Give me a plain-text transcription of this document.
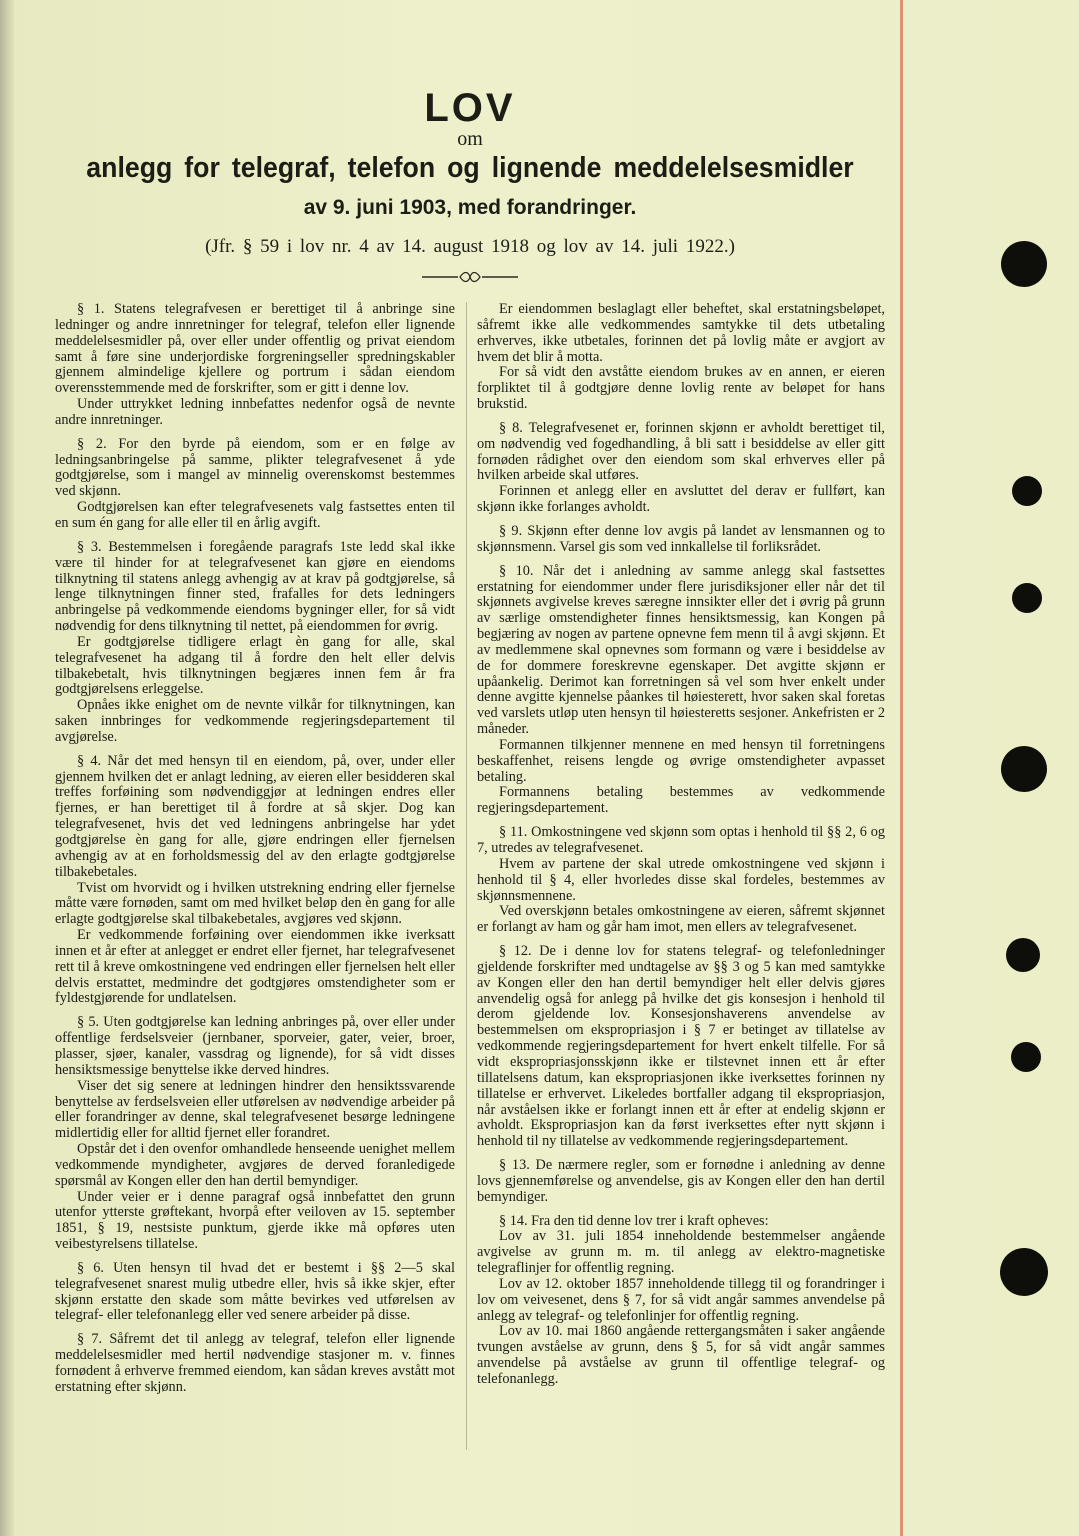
LOV
om
anlegg for telegraf, telefon og lignende meddelelsesmidler
av 9. juni 1903, med forandringer.
(Jfr. § 59 i lov nr. 4 av 14. august 1918 og lov av 14. juli 1922.)

§ 1. Statens telegrafvesen er berettiget til å anbringe sine ledninger og andre innretninger for telegraf, telefon eller lignende meddelelsesmidler på, over eller under offentlig og privat eiendom samt å føre sine underjordiske forgreningseller spredningskabler gjennem almindelige kjellere og portrum i sådan eiendom overensstemmende med de forskrifter, som er gitt i denne lov.

Under uttrykket ledning innbefattes nedenfor også de nevnte andre innretninger.

§ 2. For den byrde på eiendom, som er en følge av ledningsanbringelse på samme, plikter telegrafvesenet å yde godtgjørelse, som i mangel av minnelig overenskomst bestemmes ved skjønn.

Godtgjørelsen kan efter telegrafvesenets valg fastsettes enten til en sum én gang for alle eller til en årlig avgift.

§ 3. Bestemmelsen i foregående paragrafs 1ste ledd skal ikke være til hinder for at telegrafvesenet kan gjøre en eiendoms tilknytning til statens anlegg avhengig av at krav på godtgjørelse, så lenge tilknytningen finner sted, frafalles for dets ledningers anbringelse på vedkommende eiendoms bygninger eller, for så vidt nødvendig for dens tilknytning til nettet, på eiendommen for øvrig.

Er godtgjørelse tidligere erlagt èn gang for alle, skal telegrafvesenet ha adgang til å fordre den helt eller delvis tilbakebetalt, hvis tilknytningen begjæres innen fem år fra godtgjørelsens erleggelse.

Opnåes ikke enighet om de nevnte vilkår for tilknytningen, kan saken innbringes for vedkommende regjeringsdepartement til avgjørelse.

§ 4. Når det med hensyn til en eiendom, på, over, under eller gjennem hvilken det er anlagt ledning, av eieren eller besidderen skal treffes forføining som nødvendiggjør at ledningen endres eller fjernes, er han berettiget til å fordre at så skjer. Dog kan telegrafvesenet, hvis det ved ledningens anbringelse har ydet godtgjørelse èn gang for alle, gjøre endringen eller fjernelsen avhengig av at en forholdsmessig del av den erlagte godtgjørelse tilbakebetales.

Tvist om hvorvidt og i hvilken utstrekning endring eller fjernelse måtte være fornøden, samt om med hvilket beløp den èn gang for alle erlagte godtgjørelse skal tilbakebetales, avgjøres ved skjønn.

Er vedkommende forføining over eiendommen ikke iverksatt innen et år efter at anlegget er endret eller fjernet, har telegrafvesenet rett til å kreve omkostningene ved endringen eller fjernelsen helt eller delvis erstattet, medmindre det godtgjøres omstendigheter som er fyldestgjørende for undlatelsen.

§ 5. Uten godtgjørelse kan ledning anbringes på, over eller under offentlige ferdselsveier (jernbaner, sporveier, gater, veier, broer, plasser, sjøer, kanaler, vassdrag og lignende), for så vidt disses hensiktsmessige benyttelse ikke derved hindres.

Viser det sig senere at ledningen hindrer den hensiktssvarende benyttelse av ferdselsveien eller utførelsen av nødvendige arbeider på eller forandringer av denne, skal telegrafvesenet besørge ledningene midlertidig eller for alltid fjernet eller forandret.

Opstår det i den ovenfor omhandlede henseende uenighet mellem vedkommende myndigheter, avgjøres de derved foranledigede spørsmål av Kongen eller den han dertil bemyndiger.

Under veier er i denne paragraf også innbefattet den grunn utenfor ytterste grøftekant, hvorpå efter veiloven av 15. september 1851, § 19, nestsiste punktum, gjerde ikke må opføres uten veibestyrelsens tillatelse.

§ 6. Uten hensyn til hvad det er bestemt i §§ 2—5 skal telegrafvesenet snarest mulig utbedre eller, hvis så ikke skjer, efter skjønn erstatte den skade som måtte bevirkes ved utførelsen av telegraf- eller telefonanlegg eller ved senere arbeider på disse.

§ 7. Såfremt det til anlegg av telegraf, telefon eller lignende meddelelsesmidler med hertil nødvendige stasjoner m. v. finnes fornødent å erhverve fremmed eiendom, kan sådan kreves avstått mot erstatning efter skjønn.

Er eiendommen beslaglagt eller beheftet, skal erstatningsbeløpet, såfremt ikke alle vedkommendes samtykke til dets utbetaling erhverves, ikke utbetales, forinnen det på lovlig måte er avgjort av hvem det blir å motta.

For så vidt den avståtte eiendom brukes av en annen, er eieren forpliktet til å godtgjøre denne lovlig rente av beløpet for hans brukstid.

§ 8. Telegrafvesenet er, forinnen skjønn er avholdt berettiget til, om nødvendig ved fogedhandling, å bli satt i besiddelse av eller gitt fornøden rådighet over den eiendom som skal erhverves eller på hvilken arbeide skal utføres.

Forinnen et anlegg eller en avsluttet del derav er fullført, kan skjønn ikke forlanges avholdt.

§ 9. Skjønn efter denne lov avgis på landet av lensmannen og to skjønnsmenn. Varsel gis som ved innkallelse til forliksrådet.

§ 10. Når det i anledning av samme anlegg skal fastsettes erstatning for eiendommer under flere jurisdiksjoner eller når det til skjønnets avgivelse kreves særegne innsikter eller det i øvrig på grunn av særlige omstendigheter finnes hensiktsmessig, kan Kongen på begjæring av nogen av partene opnevne fem menn til å avgi skjønn. Et av medlemmene skal opnevnes som formann og være i besiddelse av de for dommere foreskrevne egenskaper. Det avgitte skjønn er upåankelig. Derimot kan forretningen så vel som hver enkelt under denne avgitte kjennelse påankes til høiesterett, hvor saken skal foretas ved varslets utløp uten hensyn til høiesteretts sesjoner. Ankefristen er 2 måneder.

Formannen tilkjenner mennene en med hensyn til forretningens beskaffenhet, reisens lengde og øvrige omstendigheter avpasset betaling.

Formannens betaling bestemmes av vedkommende regjeringsdepartement.

§ 11. Omkostningene ved skjønn som optas i henhold til §§ 2, 6 og 7, utredes av telegrafvesenet.

Hvem av partene der skal utrede omkostningene ved skjønn i henhold til § 4, eller hvorledes disse skal fordeles, bestemmes av skjønnsmennene.

Ved overskjønn betales omkostningene av eieren, såfremt skjønnet er forlangt av ham og går ham imot, men ellers av telegrafvesenet.

§ 12. De i denne lov for statens telegraf- og telefonledninger gjeldende forskrifter med undtagelse av §§ 3 og 5 kan med samtykke av Kongen eller den han dertil bemyndiger helt eller delvis gjøres anvendelig også for anlegg på hvilke det gis konsesjon i henhold til derom gjeldende lov. Konsesjonshaverens anvendelse av bestemmelsen om ekspropriasjon i § 7 er betinget av tillatelse av vedkommende regjeringsdepartement for hvert enkelt tilfelle. For så vidt ekspropriasjonsskjønn ikke er tilstevnet innen ett år efter tillatelsens datum, kan ekspropriasjonen ikke iverksettes forinnen ny tillatelse er erhvervet. Likeledes bortfaller adgang til ekspropriasjon, når avståelsen ikke er forlangt innen ett år efter at endelig skjønn er avholdt. Ekspropriasjon kan da først iverksettes efter nytt skjønn i henhold til ny tillatelse av vedkommende regjeringsdepartement.

§ 13. De nærmere regler, som er fornødne i anledning av denne lovs gjennemførelse og anvendelse, gis av Kongen eller den han dertil bemyndiger.

§ 14. Fra den tid denne lov trer i kraft opheves:

Lov av 31. juli 1854 inneholdende bestemmelser angående avgivelse av grunn m. m. til anlegg av elektro-magnetiske telegraflinjer for offentlig regning.

Lov av 12. oktober 1857 inneholdende tillegg til og forandringer i lov om veivesenet, dens § 7, for så vidt angår sammes anvendelse på anlegg av telegraf- og telefonlinjer for offentlig regning.

Lov av 10. mai 1860 angående rettergangsmåten i saker angående tvungen avståelse av grunn, dens § 5, for så vidt angår sammes anvendelse på avståelse av grunn til offentlige telegraf- og telefonanlegg.
